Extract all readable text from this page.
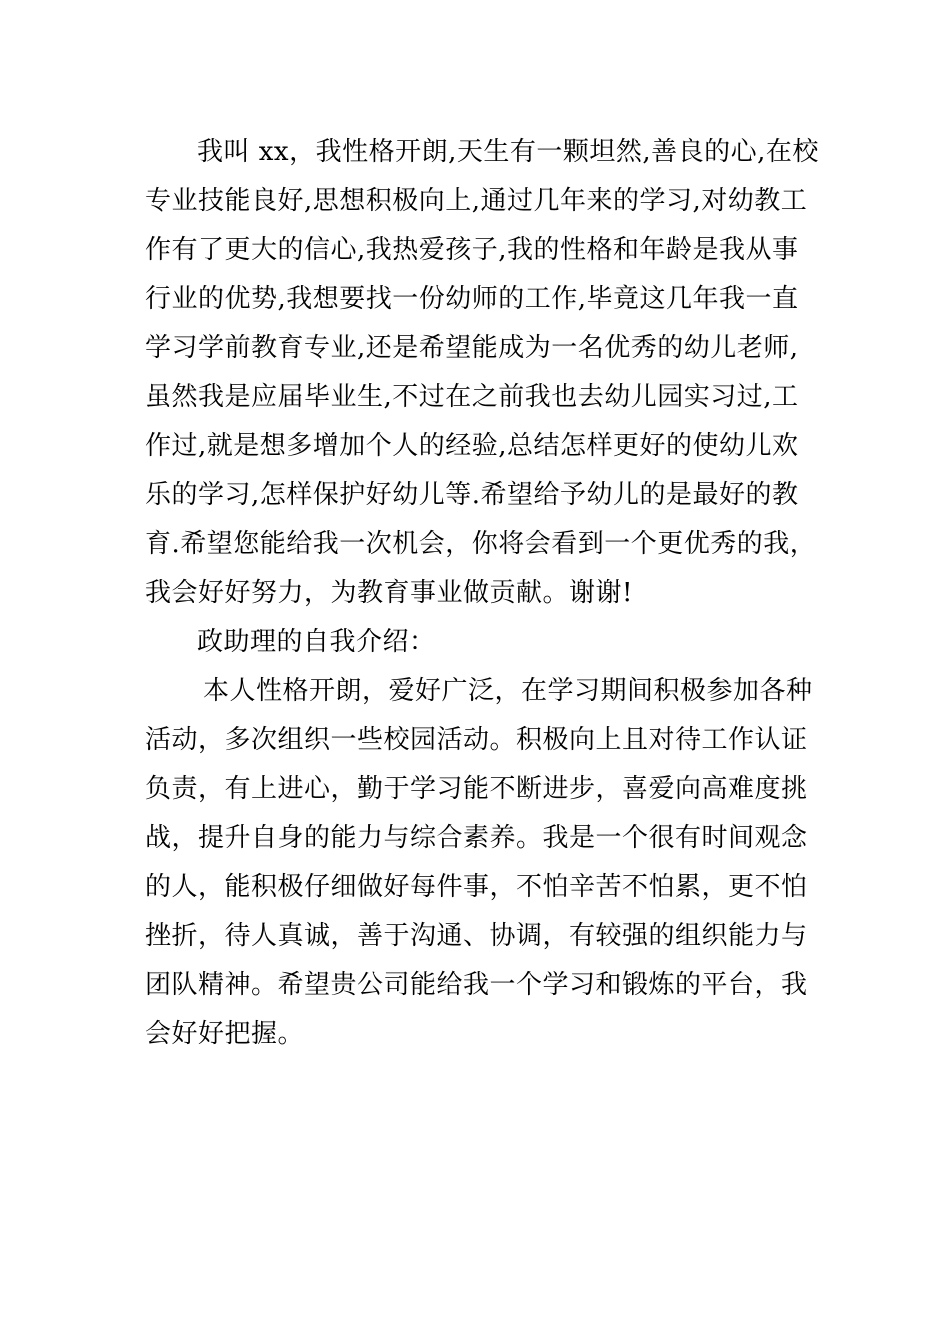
我叫 xx，我性格开朗,天生有一颗坦然,善良的心,在校
专业技能良好,思想积极向上,通过几年来的学习,对幼教工
作有了更大的信心,我热爱孩子,我的性格和年龄是我从事
行业的优势,我想要找一份幼师的工作,毕竟这几年我一直
学习学前教育专业,还是希望能成为一名优秀的幼儿老师,
虽然我是应届毕业生,不过在之前我也去幼儿园实习过,工
作过,就是想多增加个人的经验,总结怎样更好的使幼儿欢
乐的学习,怎样保护好幼儿等.希望给予幼儿的是最好的教
育.希望您能给我一次机会，你将会看到一个更优秀的我，
我会好好努力，为教育事业做贡献。谢谢!
政助理的自我介绍：
本人性格开朗，爱好广泛，在学习期间积极参加各种
活动，多次组织一些校园活动。积极向上且对待工作认证
负责，有上进心，勤于学习能不断进步，喜爱向高难度挑
战，提升自身的能力与综合素养。我是一个很有时间观念
的人，能积极仔细做好每件事，不怕辛苦不怕累，更不怕
挫折，待人真诚，善于沟通、协调，有较强的组织能力与
团队精神。希望贵公司能给我一个学习和锻炼的平台，我
会好好把握。
